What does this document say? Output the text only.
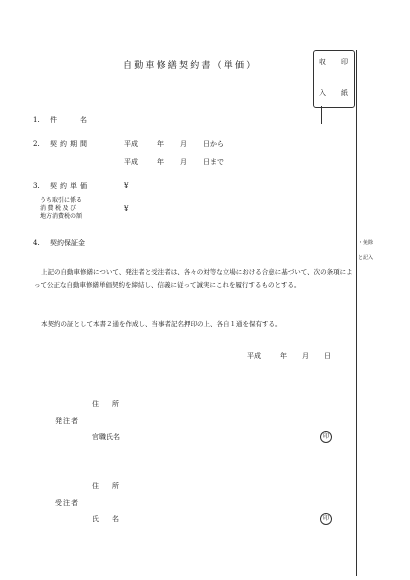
自動車修繕契約書（単価）	収 印
入 紙
1. 件　　名
2. 契約期間	平成	年 月 日から
平成	年 月 日まで
3. 契約単価	¥
うち取引に係る
消費税及び
地方消費税の額
¥
4. 契約保証金	・免除
と記入
上記の自動車修繕について、発注者と受注者は、各々の対等な立場における合意に基づいて、次の条項によって公正な自動車修繕単価契約を締結し、信義に従って誠実にこれを履行するものとする。
本契約の証として本書２通を作成し、当事者記名押印の上、各自１通を保有する。
平成	年 月 日
住　所
発注者
官職氏名	印
住　所
受注者
氏　名	印
